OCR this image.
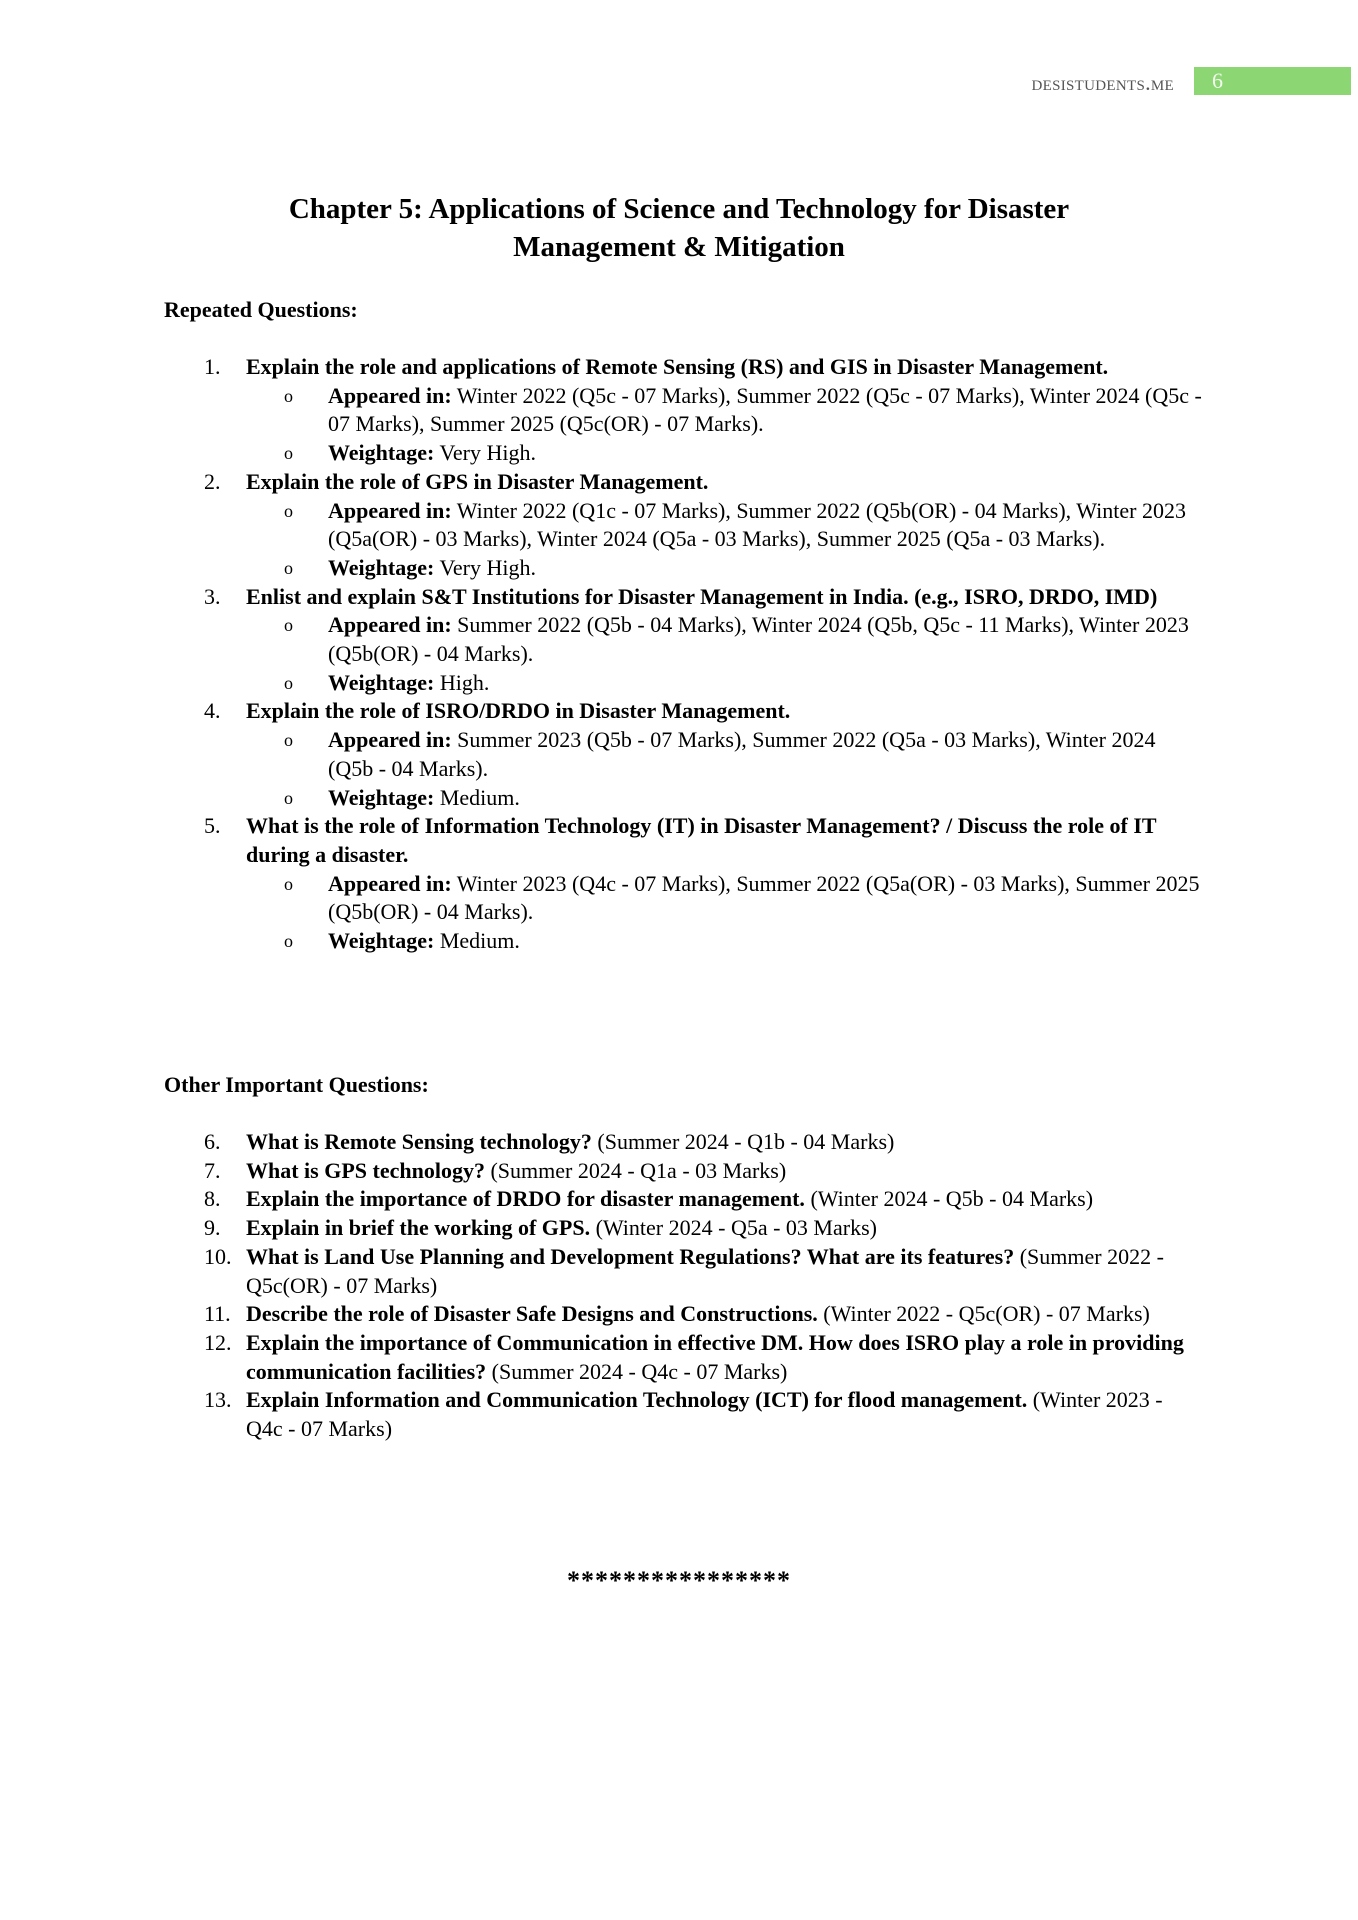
desistudents.me	6
Chapter 5: Applications of Science and Technology for Disaster
Management & Mitigation
Repeated Questions:
1. Explain the role and applications of Remote Sensing (RS) and GIS in Disaster Management.
o Appeared in: Winter 2022 (Q5c - 07 Marks), Summer 2022 (Q5c - 07 Marks), Winter 2024 (Q5c - 07 Marks), Summer 2025 (Q5c(OR) - 07 Marks).
o Weightage: Very High.
2. Explain the role of GPS in Disaster Management.
o Appeared in: Winter 2022 (Q1c - 07 Marks), Summer 2022 (Q5b(OR) - 04 Marks), Winter 2023 (Q5a(OR) - 03 Marks), Winter 2024 (Q5a - 03 Marks), Summer 2025 (Q5a - 03 Marks).
o Weightage: Very High.
3. Enlist and explain S&T Institutions for Disaster Management in India. (e.g., ISRO, DRDO, IMD)
o Appeared in: Summer 2022 (Q5b - 04 Marks), Winter 2024 (Q5b, Q5c - 11 Marks), Winter 2023 (Q5b(OR) - 04 Marks).
o Weightage: High.
4. Explain the role of ISRO/DRDO in Disaster Management.
o Appeared in: Summer 2023 (Q5b - 07 Marks), Summer 2022 (Q5a - 03 Marks), Winter 2024 (Q5b - 04 Marks).
o Weightage: Medium.
5. What is the role of Information Technology (IT) in Disaster Management? / Discuss the role of IT during a disaster.
o Appeared in: Winter 2023 (Q4c - 07 Marks), Summer 2022 (Q5a(OR) - 03 Marks), Summer 2025 (Q5b(OR) - 04 Marks).
o Weightage: Medium.
Other Important Questions:
6. What is Remote Sensing technology? (Summer 2024 - Q1b - 04 Marks)
7. What is GPS technology? (Summer 2024 - Q1a - 03 Marks)
8. Explain the importance of DRDO for disaster management. (Winter 2024 - Q5b - 04 Marks)
9. Explain in brief the working of GPS. (Winter 2024 - Q5a - 03 Marks)
10. What is Land Use Planning and Development Regulations? What are its features? (Summer 2022 - Q5c(OR) - 07 Marks)
11. Describe the role of Disaster Safe Designs and Constructions. (Winter 2022 - Q5c(OR) - 07 Marks)
12. Explain the importance of Communication in effective DM. How does ISRO play a role in providing communication facilities? (Summer 2024 - Q4c - 07 Marks)
13. Explain Information and Communication Technology (ICT) for flood management. (Winter 2023 - Q4c - 07 Marks)
****************
